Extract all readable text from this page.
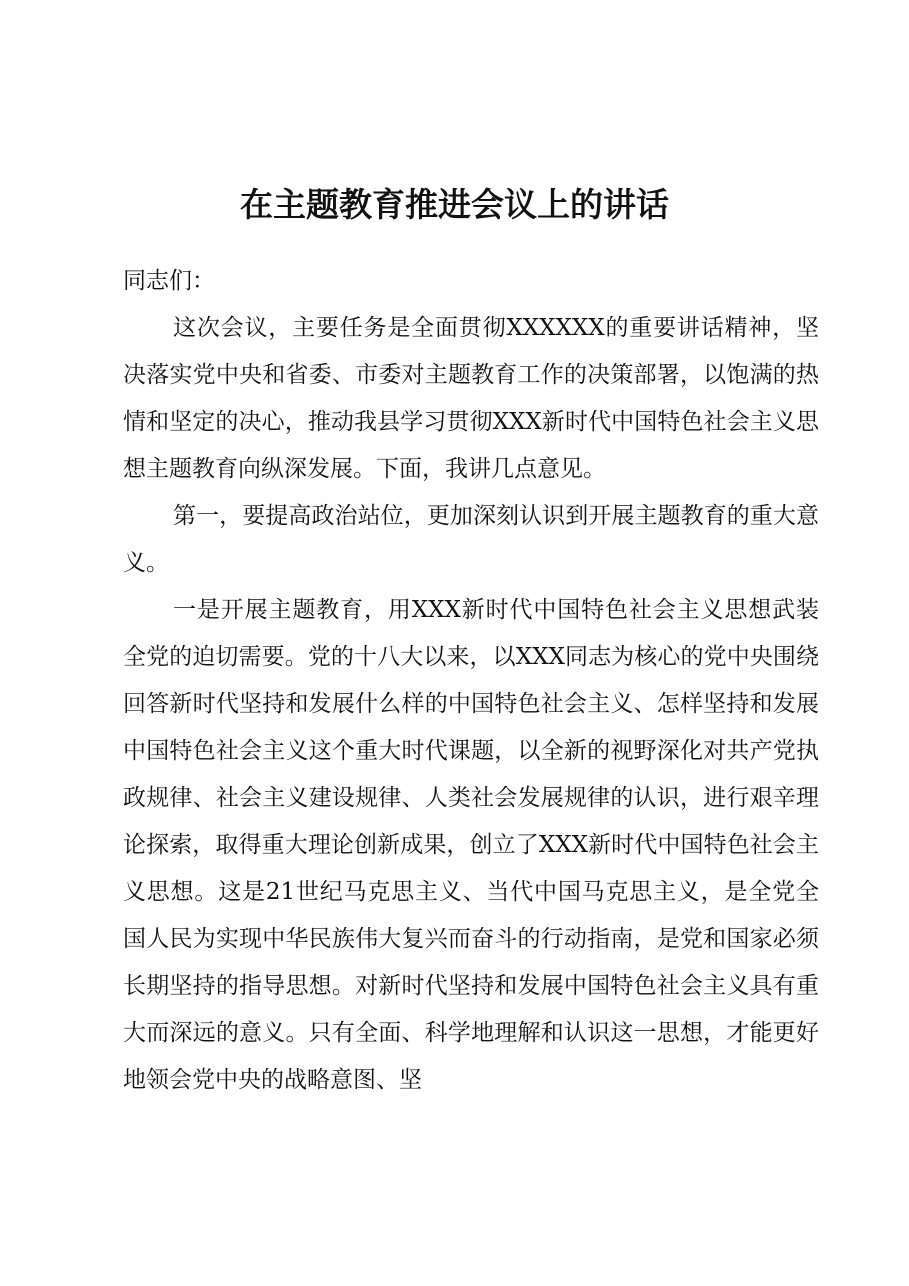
在主题教育推进会议上的讲话

同志们：

这次会议，主要任务是全面贯彻XXXXXX的重要讲话精神，坚决落实党中央和省委、市委对主题教育工作的决策部署，以饱满的热情和坚定的决心，推动我县学习贯彻XXX新时代中国特色社会主义思想主题教育向纵深发展。下面，我讲几点意见。

第一，要提高政治站位，更加深刻认识到开展主题教育的重大意义。

一是开展主题教育，用XXX新时代中国特色社会主义思想武装全党的迫切需要。党的十八大以来，以XXX同志为核心的党中央围绕回答新时代坚持和发展什么样的中国特色社会主义、怎样坚持和发展中国特色社会主义这个重大时代课题，以全新的视野深化对共产党执政规律、社会主义建设规律、人类社会发展规律的认识，进行艰辛理论探索，取得重大理论创新成果，创立了XXX新时代中国特色社会主义思想。这是21世纪马克思主义、当代中国马克思主义，是全党全国人民为实现中华民族伟大复兴而奋斗的行动指南，是党和国家必须长期坚持的指导思想。对新时代坚持和发展中国特色社会主义具有重大而深远的意义。只有全面、科学地理解和认识这一思想，才能更好地领会党中央的战略意图、坚
